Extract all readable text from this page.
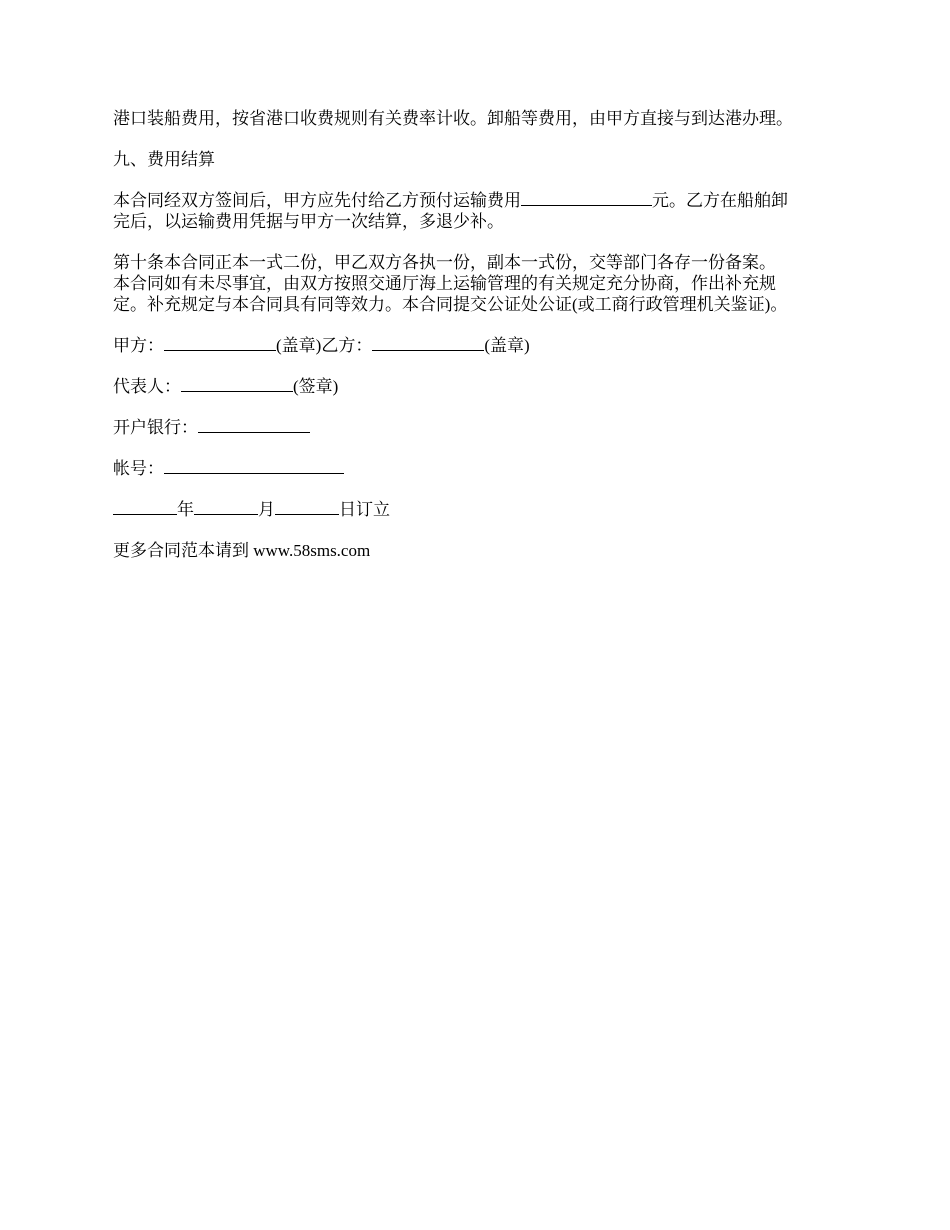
港口装船费用，按省港口收费规则有关费率计收。卸船等费用，由甲方直接与到达港办理。

九、费用结算

本合同经双方签间后，甲方应先付给乙方预付运输费用	元。乙方在船舶卸
完后，以运输费用凭据与甲方一次结算，多退少补。

第十条本合同正本一式二份，甲乙双方各执一份，副本一式份，交等部门各存一份备案。
本合同如有未尽事宜，由双方按照交通厅海上运输管理的有关规定充分协商，作出补充规
定。补充规定与本合同具有同等效力。本合同提交公证处公证(或工商行政管理机关鉴证)。

甲方：	(盖章)乙方：	(盖章)

代表人：	(签章)

开户银行：

帐号：

年	月	日订立

更多合同范本请到 www.58sms.com
